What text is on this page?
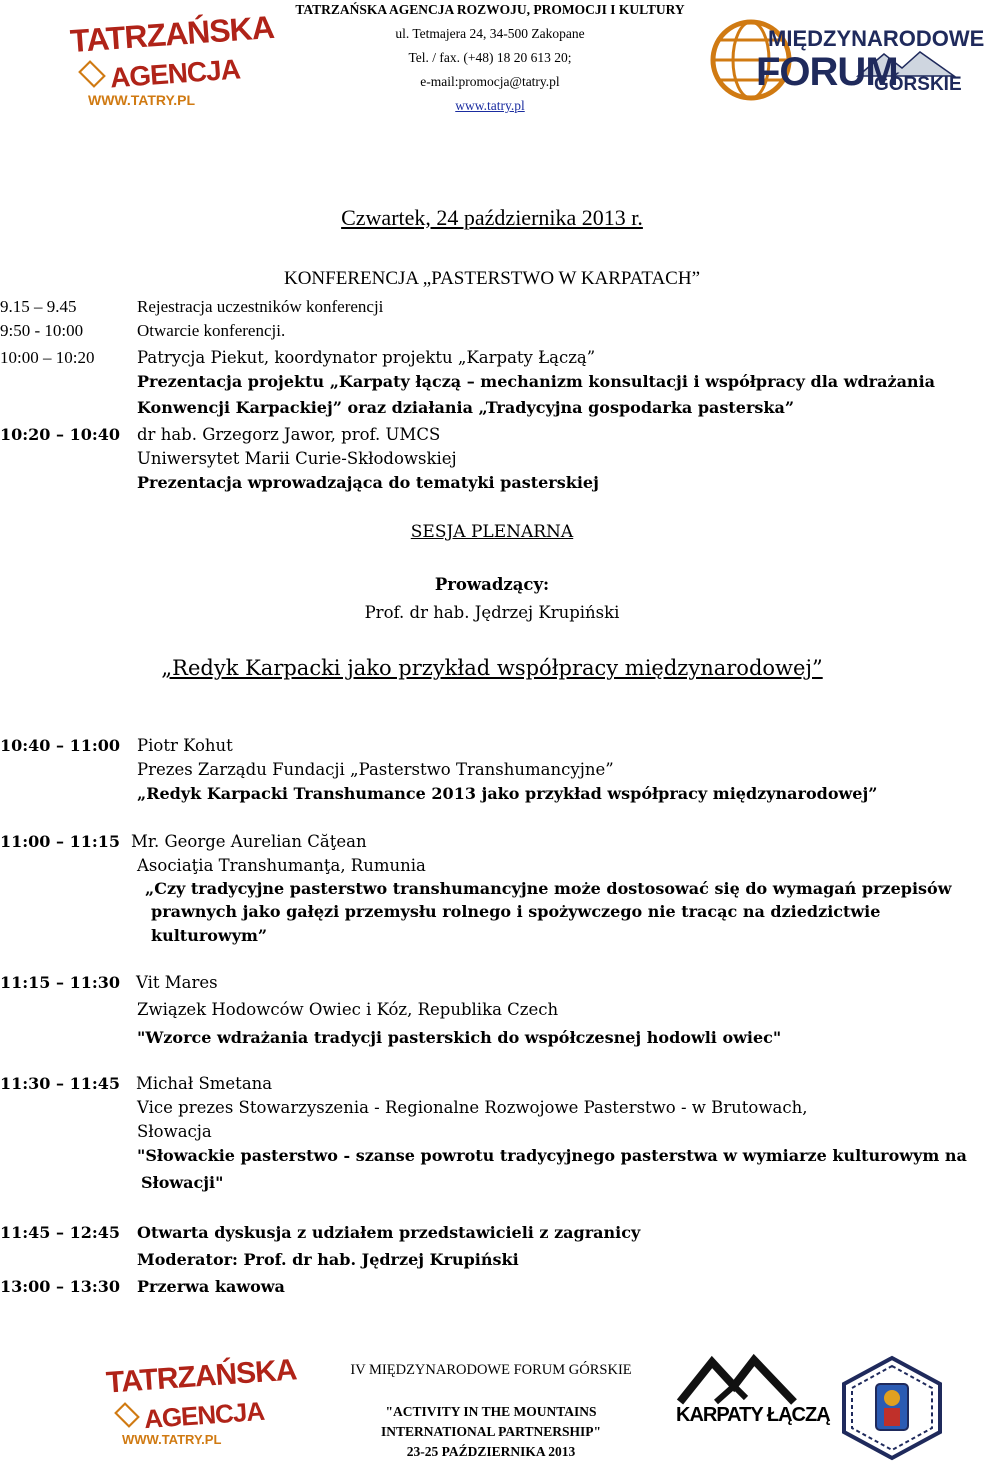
TATRZAŃSKA
AGENCJA
WWW.TATRY.PL
TATRZAŃSKA AGENCJA ROZWOJU, PROMOCJI I KULTURY
ul. Tetmajera 24, 34-500 Zakopane
Tel. / fax. (+48) 18 20 613 20;
e-mail:promocja@tatry.pl
www.tatry.pl
MIĘDZYNARODOWE
FORUM
GÓRSKIE
Czwartek, 24 października 2013 r.
KONFERENCJA „PASTERSTWO W KARPATACH”
9.15 – 9.45	Rejestracja uczestników konferencji
9:50 - 10:00	Otwarcie konferencji.
10:00 – 10:20	Patrycja Piekut, koordynator projektu „Karpaty Łączą”
Prezentacja projektu „Karpaty łączą – mechanizm konsultacji i współpracy dla wdrażania
Konwencji Karpackiej” oraz działania „Tradycyjna gospodarka pasterska”
10:20 – 10:40 dr hab. Grzegorz Jawor, prof. UMCS
Uniwersytet Marii Curie-Skłodowskiej
Prezentacja wprowadzająca do tematyki pasterskiej
SESJA PLENARNA
Prowadzący:
Prof. dr hab. Jędrzej Krupiński
„Redyk Karpacki jako przykład współpracy międzynarodowej”
10:40 – 11:00 Piotr Kohut
Prezes Zarządu Fundacji „Pasterstwo Transhumancyjne”
„Redyk Karpacki Transhumance 2013 jako przykład współpracy międzynarodowej”
11:00 – 11:15 Mr. George Aurelian Căţean
Asociaţia Transhumanţa, Rumunia
„Czy tradycyjne pasterstwo transhumancyjne może dostosować się do wymagań przepisów
prawnych jako gałęzi przemysłu rolnego i spożywczego nie tracąc na dziedzictwie
kulturowym”
11:15 – 11:30 Vit Mares
Związek Hodowców Owiec i Kóz, Republika Czech
"Wzorce wdrażania tradycji pasterskich do współczesnej hodowli owiec"
11:30 – 11:45 Michał Smetana
Vice prezes Stowarzyszenia - Regionalne Rozwojowe Pasterstwo - w Brutowach,
Słowacja
"Słowackie pasterstwo - szanse powrotu tradycyjnego pasterstwa w wymiarze kulturowym na
Słowacji"
11:45 – 12:45 Otwarta dyskusja z udziałem przedstawicieli z zagranicy
Moderator: Prof. dr hab. Jędrzej Krupiński
13:00 – 13:30 Przerwa kawowa
TATRZAŃSKA
AGENCJA
WWW.TATRY.PL
IV MIĘDZYNARODOWE FORUM GÓRSKIE
"ACTIVITY IN THE MOUNTAINS
INTERNATIONAL PARTNERSHIP"
23-25 PAŹDZIERNIKA 2013
KARPATY ŁĄCZĄ
